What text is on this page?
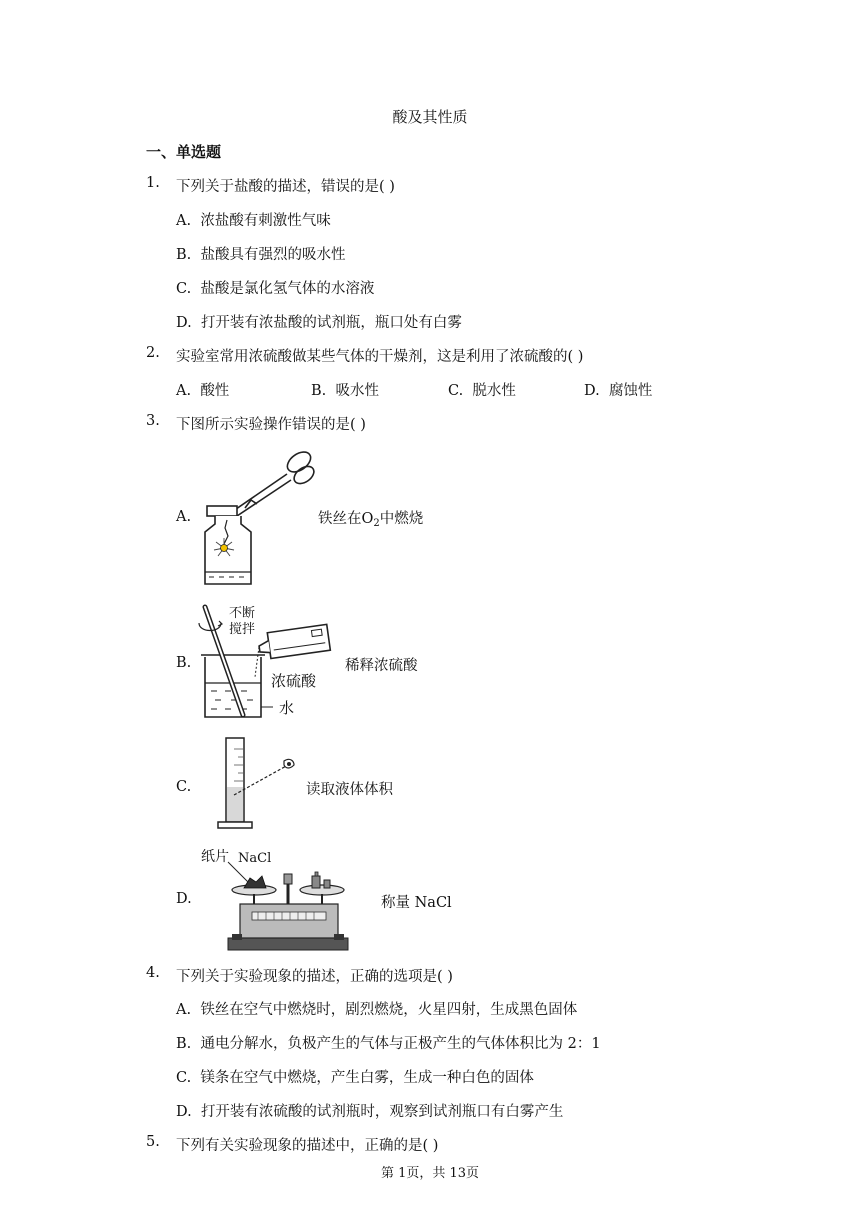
酸及其性质
一、单选题
1. 下列关于盐酸的描述，错误的是( )
A. 浓盐酸有刺激性气味
B. 盐酸具有强烈的吸水性
C. 盐酸是氯化氢气体的水溶液
D. 打开装有浓盐酸的试剂瓶，瓶口处有白雾
2. 实验室常用浓硫酸做某些气体的干燥剂，这是利用了浓硫酸的( )
A. 酸性	B. 吸水性	C. 脱水性	D. 腐蚀性
3. 下图所示实验操作错误的是( )
A.	铁丝在$O_2$中燃烧
B.
不断
搅拌
浓硫酸
水
稀释浓硫酸
C.	读取液体体积
D.
纸片 NaCl
称量 NaCl
4. 下列关于实验现象的描述，正确的选项是( )
A. 铁丝在空气中燃烧时，剧烈燃烧，火星四射，生成黑色固体
B. 通电分解水，负极产生的气体与正极产生的气体体积比为 2：1
C. 镁条在空气中燃烧，产生白雾，生成一种白色的固体
D. 打开装有浓硫酸的试剂瓶时，观察到试剂瓶口有白雾产生
5. 下列有关实验现象的描述中，正确的是( )
第 1页，共 13页
